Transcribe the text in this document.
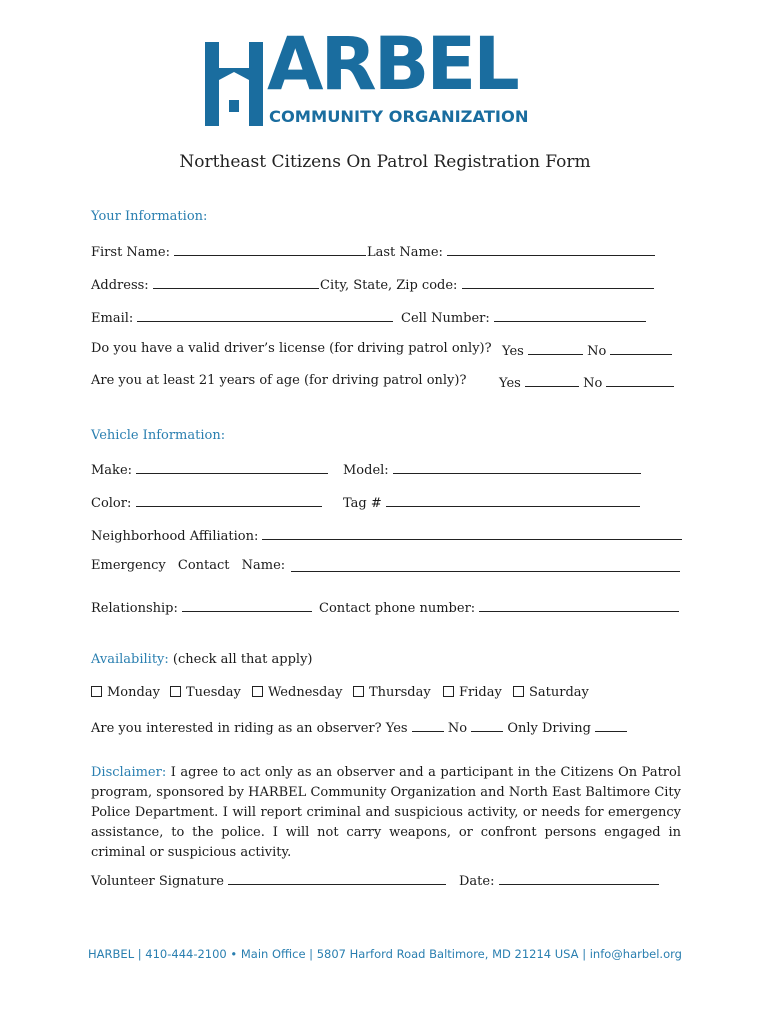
ARBEL
COMMUNITY ORGANIZATION
Northeast Citizens On Patrol Registration Form
Your Information:
First Name:	Last Name:
Address:	City, State, Zip code:
Email:	Cell Number:
Do you have a valid driver’s license (for driving patrol only)? Yes	No
Are you at least 21 years of age (for driving patrol only)?	Yes	No
Vehicle Information:
Make:	Model:
Color:	Tag #
Neighborhood Affiliation:
Emergency Contact Name:
Relationship:	Contact phone number:
Availability: (check all that apply)
Monday	Tuesday	Wednesday	Thursday	Friday	Saturday
Are you interested in riding as an observer? Yes	No	Only Driving
Disclaimer: I agree to act only as an observer and a participant in the Citizens On Patrol program, sponsored by HARBEL Community Organization and North East Baltimore City Police Department. I will report criminal and suspicious activity, or needs for emergency assistance, to the police. I will not carry weapons, or confront persons engaged in criminal or suspicious activity.
Volunteer Signature	Date:
HARBEL | 410-444-2100 • Main Office | 5807 Harford Road Baltimore, MD 21214 USA | info@harbel.org
